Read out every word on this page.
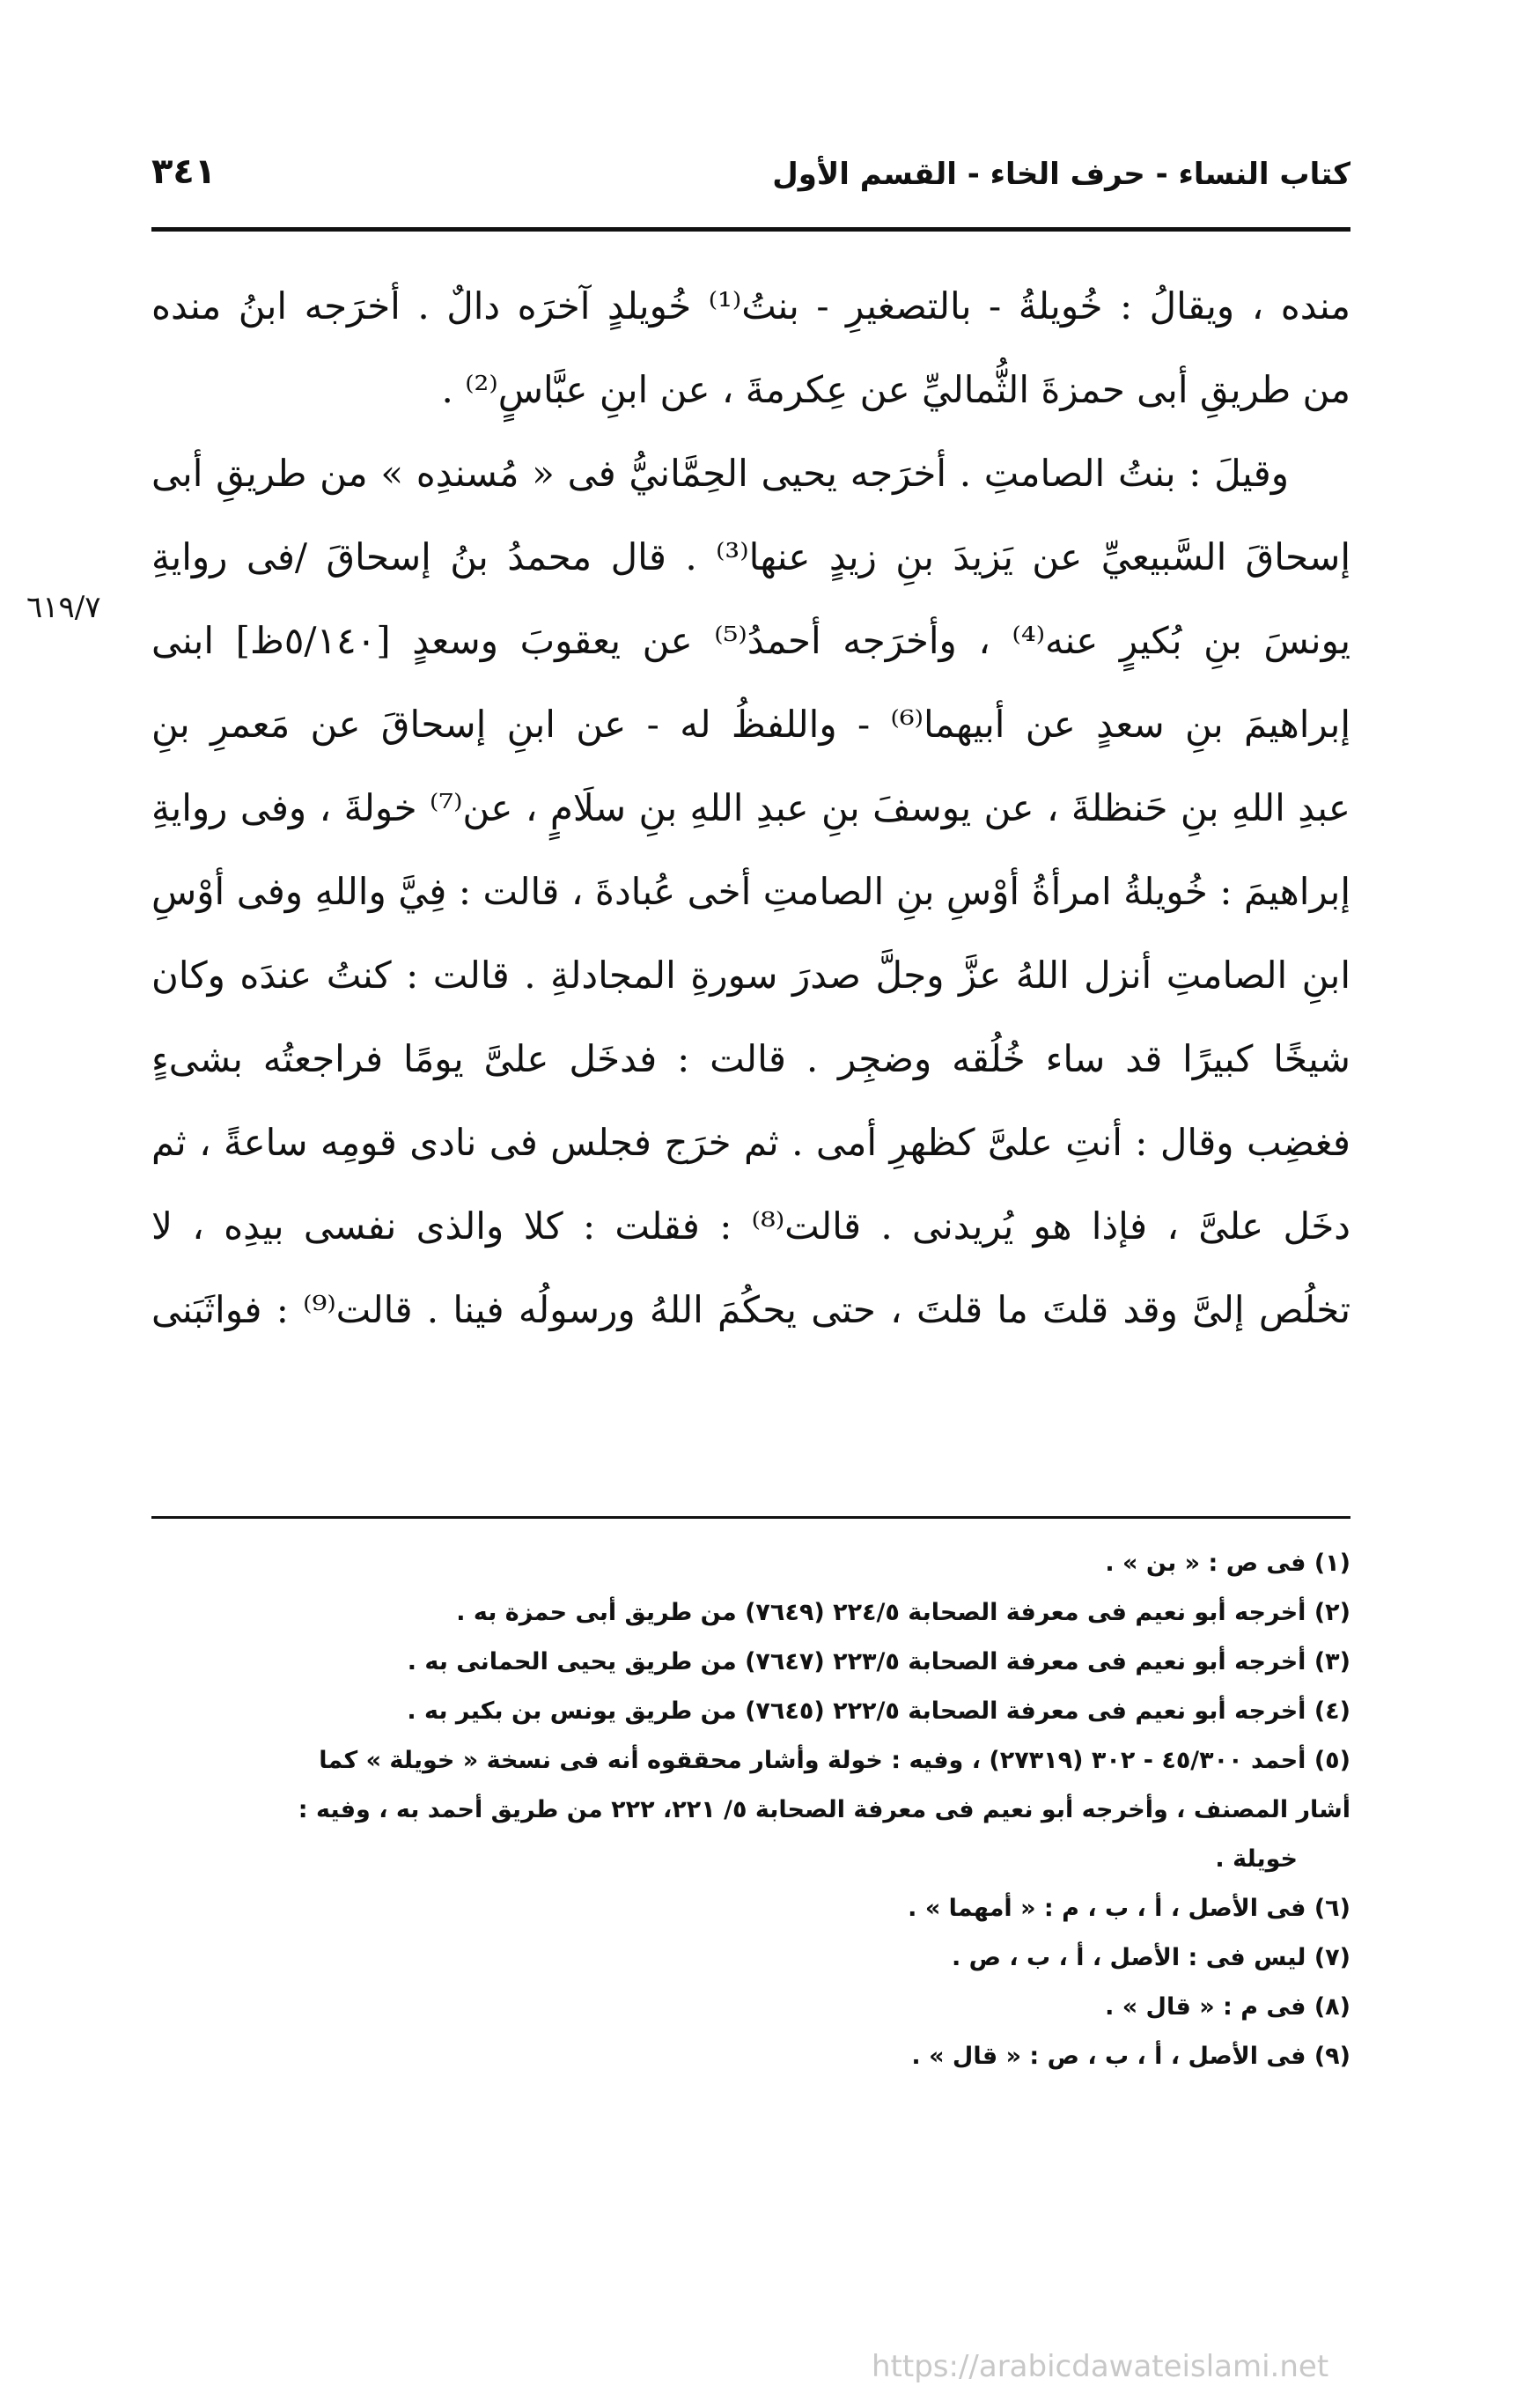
كتاب النساء - حرف الخاء - القسم الأول
٣٤١
٦١٩/٧
منده ، ويقالُ : خُويلةُ - بالتصغيرِ - بنتُ⁽¹⁾ خُويلدٍ آخرَه دالٌ . أخرَجه ابنُ منده
من طريقِ أبى حمزةَ الثُّماليِّ عن عِكرمةَ ، عن ابنِ عبَّاسٍ⁽²⁾ .
وقيلَ : بنتُ الصامتِ . أخرَجه يحيى الحِمَّانيُّ فى « مُسندِه » من طريقِ أبى
إسحاقَ السَّبيعيِّ عن يَزيدَ بنِ زيدٍ عنها⁽³⁾ . قال محمدُ بنُ إسحاقَ /فى روايةِ
يونسَ بنِ بُكيرٍ عنه⁽⁴⁾ ، وأخرَجه أحمدُ⁽⁵⁾ عن يعقوبَ وسعدٍ [٥/١٤٠ظ] ابنى
إبراهيمَ بنِ سعدٍ عن أبيهما⁽⁶⁾ - واللفظُ له - عن ابنِ إسحاقَ عن مَعمرِ بنِ
عبدِ اللهِ بنِ حَنظلةَ ، عن يوسفَ بنِ عبدِ اللهِ بنِ سلَامٍ ، عن⁽⁷⁾ خولةَ ، وفى روايةِ
إبراهيمَ : خُويلةُ امرأةُ أوْسِ بنِ الصامتِ أخى عُبادةَ ، قالت : فِيَّ واللهِ وفى أوْسِ
ابنِ الصامتِ أنزل اللهُ عزَّ وجلَّ صدرَ سورةِ المجادلةِ . قالت : كنتُ عندَه وكان
شيخًا كبيرًا قد ساء خُلُقه وضجِر . قالت : فدخَل علىَّ يومًا فراجعتُه بشىءٍ
فغضِب وقال : أنتِ علىَّ كظهرِ أمى . ثم خرَج فجلس فى نادى قومِه ساعةً ، ثم
دخَل علىَّ ، فإذا هو يُريدنى . قالت⁽⁸⁾ : فقلت : كلا والذى نفسى بيدِه ، لا
تخلُص إلىَّ وقد قلتَ ما قلتَ ، حتى يحكُمَ اللهُ ورسولُه فينا . قالت⁽⁹⁾ : فواثَبَنى
(١) فى ص : « بن » .
(٢) أخرجه أبو نعيم فى معرفة الصحابة ٢٢٤/٥ (٧٦٤٩) من طريق أبى حمزة به .
(٣) أخرجه أبو نعيم فى معرفة الصحابة ٢٢٣/٥ (٧٦٤٧) من طريق يحيى الحمانى به .
(٤) أخرجه أبو نعيم فى معرفة الصحابة ٢٢٢/٥ (٧٦٤٥) من طريق يونس بن بكير به .
(٥) أحمد ٤٥/٣٠٠ - ٣٠٢ (٢٧٣١٩) ، وفيه : خولة وأشار محققوه أنه فى نسخة « خويلة » كما
أشار المصنف ، وأخرجه أبو نعيم فى معرفة الصحابة ٥/ ٢٢١، ٢٢٢ من طريق أحمد به ، وفيه :
خويلة .
(٦) فى الأصل ، أ ، ب ، م : « أمهما » .
(٧) ليس فى : الأصل ، أ ، ب ، ص .
(٨) فى م : « قال » .
(٩) فى الأصل ، أ ، ب ، ص : « قال » .
https://arabicdawateislami.net
